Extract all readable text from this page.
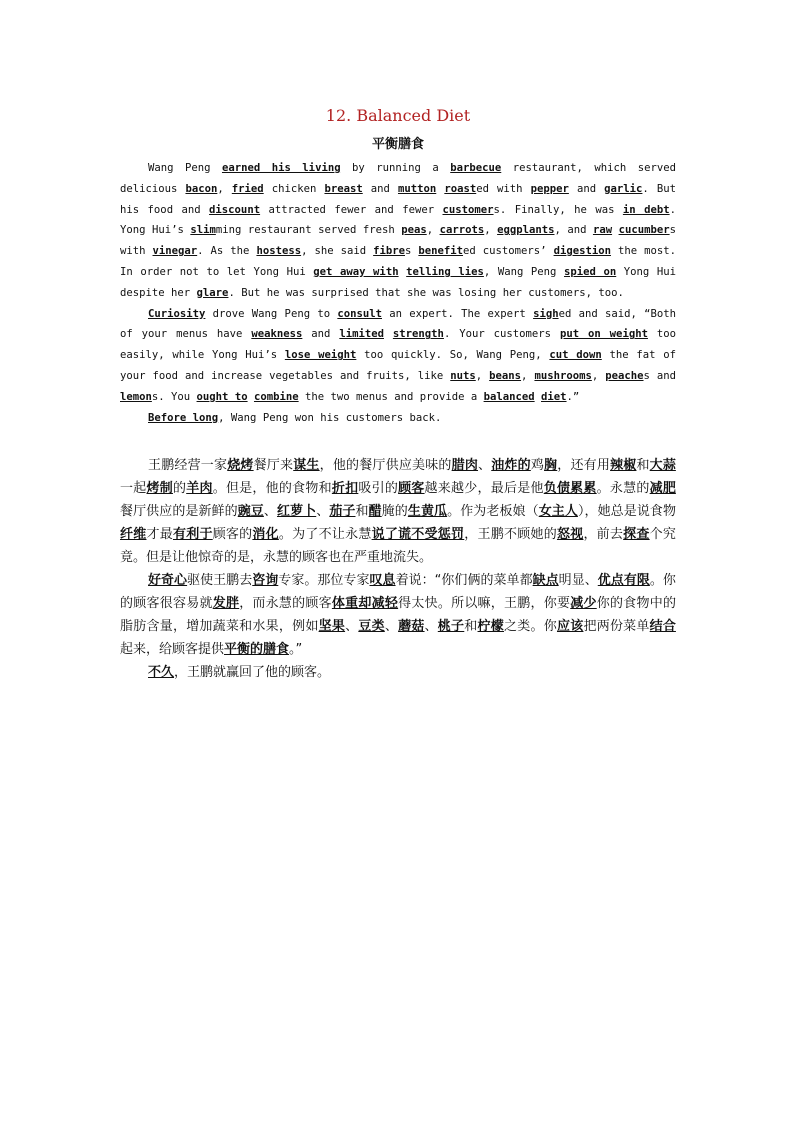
12. Balanced Diet
平衡膳食

Wang Peng earned his living by running a barbecue restaurant, which served delicious bacon, fried chicken breast and mutton roasted with pepper and garlic. But his food and discount attracted fewer and fewer customers. Finally, he was in debt. Yong Hui’s slimming restaurant served fresh peas, carrots, eggplants, and raw cucumbers with vinegar. As the hostess, she said fibres benefited customers’ digestion the most. In order not to let Yong Hui get away with telling lies, Wang Peng spied on Yong Hui despite her glare. But he was surprised that she was losing her customers, too.

Curiosity drove Wang Peng to consult an expert. The expert sighed and said, “Both of your menus have weakness and limited strength. Your customers put on weight too easily, while Yong Hui’s lose weight too quickly. So, Wang Peng, cut down the fat of your food and increase vegetables and fruits, like nuts, beans, mushrooms, peaches and lemons. You ought to combine the two menus and provide a balanced diet.”

Before long, Wang Peng won his customers back.

王鹏经营一家烧烤餐厅来谋生，他的餐厅供应美味的腊肉、油炸的鸡胸，还有用辣椒和大蒜一起烤制的羊肉。但是，他的食物和折扣吸引的顾客越来越少，最后是他负债累累。永慧的减肥餐厅供应的是新鲜的豌豆、红萝卜、茄子和醋腌的生黄瓜。作为老板娘（女主人），她总是说食物纤维才最有利于顾客的消化。为了不让永慧说了谎不受惩罚，王鹏不顾她的怒视，前去探查个究竟。但是让他惊奇的是，永慧的顾客也在严重地流失。

好奇心驱使王鹏去咨询专家。那位专家叹息着说：“你们俩的菜单都缺点明显、优点有限。你的顾客很容易就发胖，而永慧的顾客体重却减轻得太快。所以嘛，王鹏，你要减少你的食物中的脂肪含量，增加蔬菜和水果，例如坚果、豆类、蘑菇、桃子和柠檬之类。你应该把两份菜单结合起来，给顾客提供平衡的膳食。”

不久，王鹏就赢回了他的顾客。
